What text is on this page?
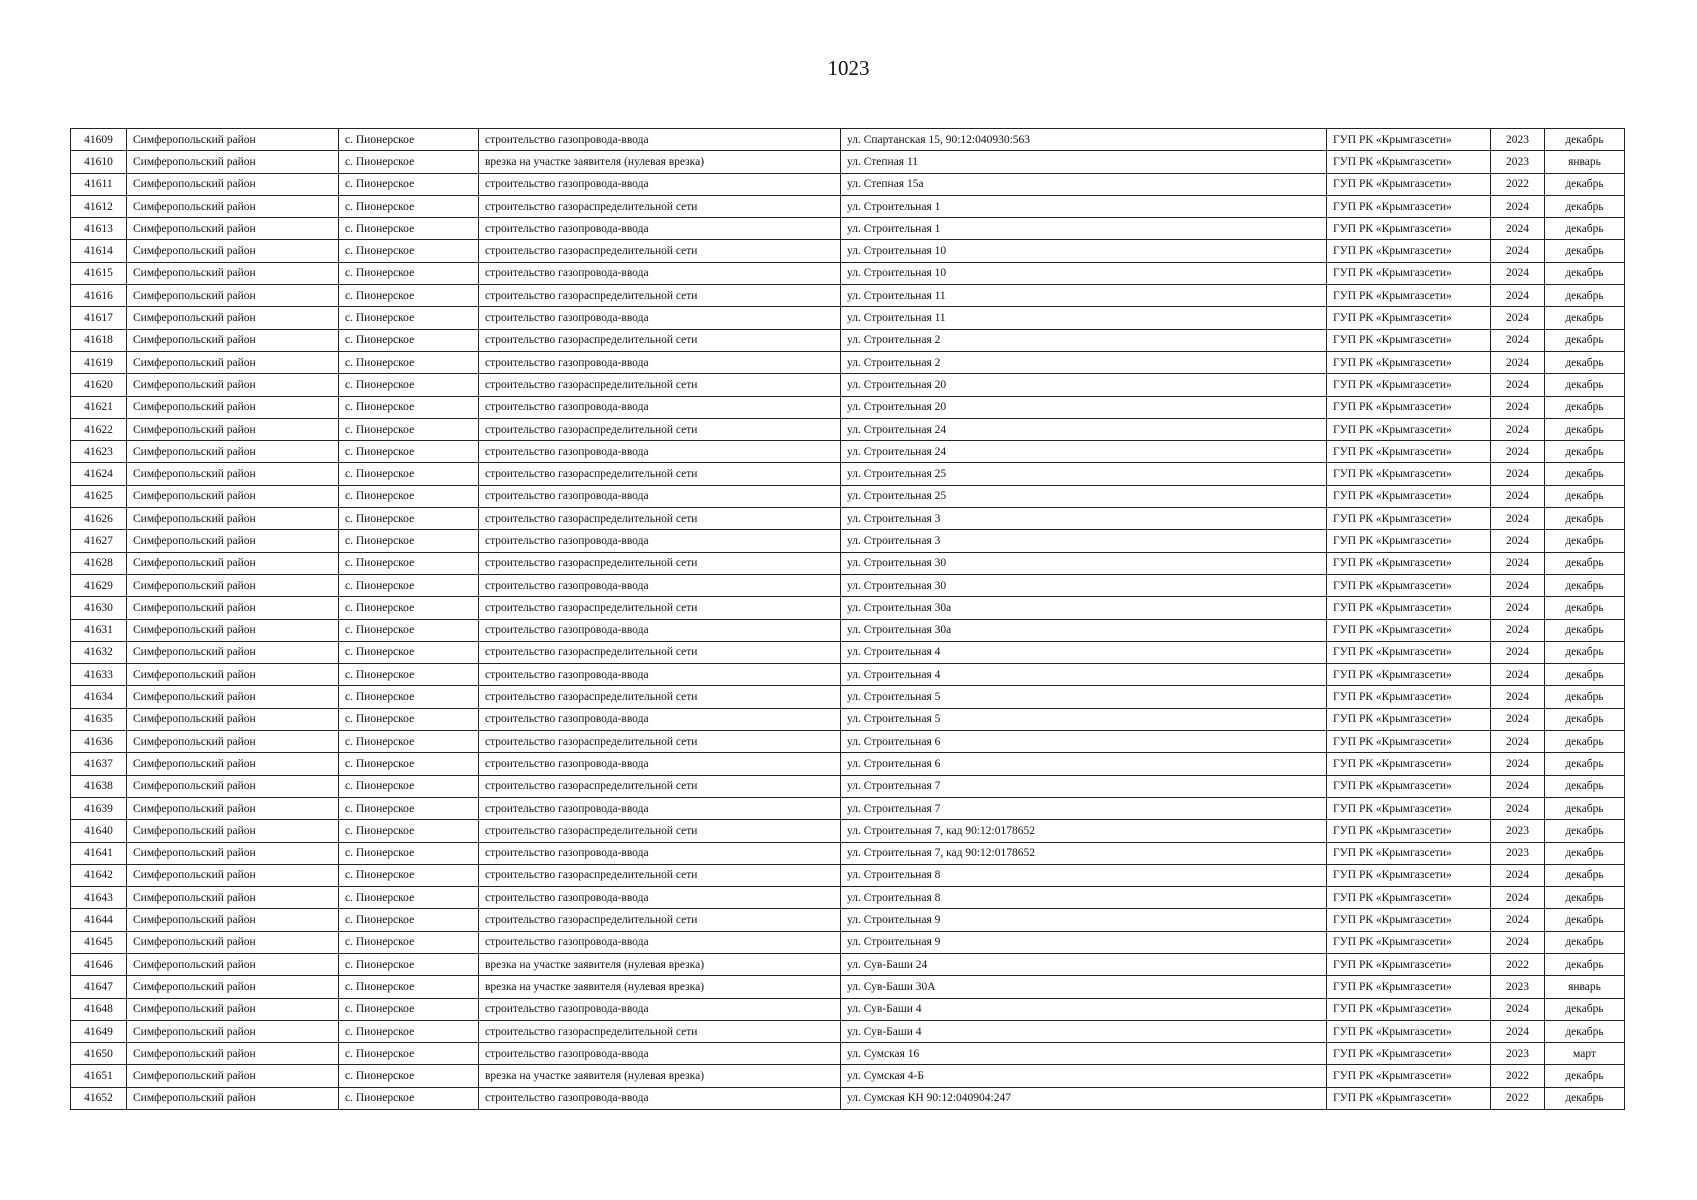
1023
41609	Симферопольский район	с. Пионерское	строительство газопровода-ввода	ул. Спартанская 15, 90:12:040930:563	ГУП РК «Крымгазсети»	2023	декабрь
41610	Симферопольский район	с. Пионерское	врезка на участке заявителя (нулевая врезка)	ул. Степная 11	ГУП РК «Крымгазсети»	2023	январь
41611	Симферопольский район	с. Пионерское	строительство газопровода-ввода	ул. Степная 15а	ГУП РК «Крымгазсети»	2022	декабрь
41612	Симферопольский район	с. Пионерское	строительство газораспределительной сети	ул. Строительная 1	ГУП РК «Крымгазсети»	2024	декабрь
41613	Симферопольский район	с. Пионерское	строительство газопровода-ввода	ул. Строительная 1	ГУП РК «Крымгазсети»	2024	декабрь
41614	Симферопольский район	с. Пионерское	строительство газораспределительной сети	ул. Строительная 10	ГУП РК «Крымгазсети»	2024	декабрь
41615	Симферопольский район	с. Пионерское	строительство газопровода-ввода	ул. Строительная 10	ГУП РК «Крымгазсети»	2024	декабрь
41616	Симферопольский район	с. Пионерское	строительство газораспределительной сети	ул. Строительная 11	ГУП РК «Крымгазсети»	2024	декабрь
41617	Симферопольский район	с. Пионерское	строительство газопровода-ввода	ул. Строительная 11	ГУП РК «Крымгазсети»	2024	декабрь
41618	Симферопольский район	с. Пионерское	строительство газораспределительной сети	ул. Строительная 2	ГУП РК «Крымгазсети»	2024	декабрь
41619	Симферопольский район	с. Пионерское	строительство газопровода-ввода	ул. Строительная 2	ГУП РК «Крымгазсети»	2024	декабрь
41620	Симферопольский район	с. Пионерское	строительство газораспределительной сети	ул. Строительная 20	ГУП РК «Крымгазсети»	2024	декабрь
41621	Симферопольский район	с. Пионерское	строительство газопровода-ввода	ул. Строительная 20	ГУП РК «Крымгазсети»	2024	декабрь
41622	Симферопольский район	с. Пионерское	строительство газораспределительной сети	ул. Строительная 24	ГУП РК «Крымгазсети»	2024	декабрь
41623	Симферопольский район	с. Пионерское	строительство газопровода-ввода	ул. Строительная 24	ГУП РК «Крымгазсети»	2024	декабрь
41624	Симферопольский район	с. Пионерское	строительство газораспределительной сети	ул. Строительная 25	ГУП РК «Крымгазсети»	2024	декабрь
41625	Симферопольский район	с. Пионерское	строительство газопровода-ввода	ул. Строительная 25	ГУП РК «Крымгазсети»	2024	декабрь
41626	Симферопольский район	с. Пионерское	строительство газораспределительной сети	ул. Строительная 3	ГУП РК «Крымгазсети»	2024	декабрь
41627	Симферопольский район	с. Пионерское	строительство газопровода-ввода	ул. Строительная 3	ГУП РК «Крымгазсети»	2024	декабрь
41628	Симферопольский район	с. Пионерское	строительство газораспределительной сети	ул. Строительная 30	ГУП РК «Крымгазсети»	2024	декабрь
41629	Симферопольский район	с. Пионерское	строительство газопровода-ввода	ул. Строительная 30	ГУП РК «Крымгазсети»	2024	декабрь
41630	Симферопольский район	с. Пионерское	строительство газораспределительной сети	ул. Строительная 30а	ГУП РК «Крымгазсети»	2024	декабрь
41631	Симферопольский район	с. Пионерское	строительство газопровода-ввода	ул. Строительная 30а	ГУП РК «Крымгазсети»	2024	декабрь
41632	Симферопольский район	с. Пионерское	строительство газораспределительной сети	ул. Строительная 4	ГУП РК «Крымгазсети»	2024	декабрь
41633	Симферопольский район	с. Пионерское	строительство газопровода-ввода	ул. Строительная 4	ГУП РК «Крымгазсети»	2024	декабрь
41634	Симферопольский район	с. Пионерское	строительство газораспределительной сети	ул. Строительная 5	ГУП РК «Крымгазсети»	2024	декабрь
41635	Симферопольский район	с. Пионерское	строительство газопровода-ввода	ул. Строительная 5	ГУП РК «Крымгазсети»	2024	декабрь
41636	Симферопольский район	с. Пионерское	строительство газораспределительной сети	ул. Строительная 6	ГУП РК «Крымгазсети»	2024	декабрь
41637	Симферопольский район	с. Пионерское	строительство газопровода-ввода	ул. Строительная 6	ГУП РК «Крымгазсети»	2024	декабрь
41638	Симферопольский район	с. Пионерское	строительство газораспределительной сети	ул. Строительная 7	ГУП РК «Крымгазсети»	2024	декабрь
41639	Симферопольский район	с. Пионерское	строительство газопровода-ввода	ул. Строительная 7	ГУП РК «Крымгазсети»	2024	декабрь
41640	Симферопольский район	с. Пионерское	строительство газораспределительной сети	ул. Строительная 7, кад 90:12:0178652	ГУП РК «Крымгазсети»	2023	декабрь
41641	Симферопольский район	с. Пионерское	строительство газопровода-ввода	ул. Строительная 7, кад 90:12:0178652	ГУП РК «Крымгазсети»	2023	декабрь
41642	Симферопольский район	с. Пионерское	строительство газораспределительной сети	ул. Строительная 8	ГУП РК «Крымгазсети»	2024	декабрь
41643	Симферопольский район	с. Пионерское	строительство газопровода-ввода	ул. Строительная 8	ГУП РК «Крымгазсети»	2024	декабрь
41644	Симферопольский район	с. Пионерское	строительство газораспределительной сети	ул. Строительная 9	ГУП РК «Крымгазсети»	2024	декабрь
41645	Симферопольский район	с. Пионерское	строительство газопровода-ввода	ул. Строительная 9	ГУП РК «Крымгазсети»	2024	декабрь
41646	Симферопольский район	с. Пионерское	врезка на участке заявителя (нулевая врезка)	ул. Сув-Баши 24	ГУП РК «Крымгазсети»	2022	декабрь
41647	Симферопольский район	с. Пионерское	врезка на участке заявителя (нулевая врезка)	ул. Сув-Баши 30А	ГУП РК «Крымгазсети»	2023	январь
41648	Симферопольский район	с. Пионерское	строительство газопровода-ввода	ул. Сув-Баши 4	ГУП РК «Крымгазсети»	2024	декабрь
41649	Симферопольский район	с. Пионерское	строительство газораспределительной сети	ул. Сув-Баши 4	ГУП РК «Крымгазсети»	2024	декабрь
41650	Симферопольский район	с. Пионерское	строительство газопровода-ввода	ул. Сумская 16	ГУП РК «Крымгазсети»	2023	март
41651	Симферопольский район	с. Пионерское	врезка на участке заявителя (нулевая врезка)	ул. Сумская 4-Б	ГУП РК «Крымгазсети»	2022	декабрь
41652	Симферопольский район	с. Пионерское	строительство газопровода-ввода	ул. Сумская КН 90:12:040904:247	ГУП РК «Крымгазсети»	2022	декабрь
